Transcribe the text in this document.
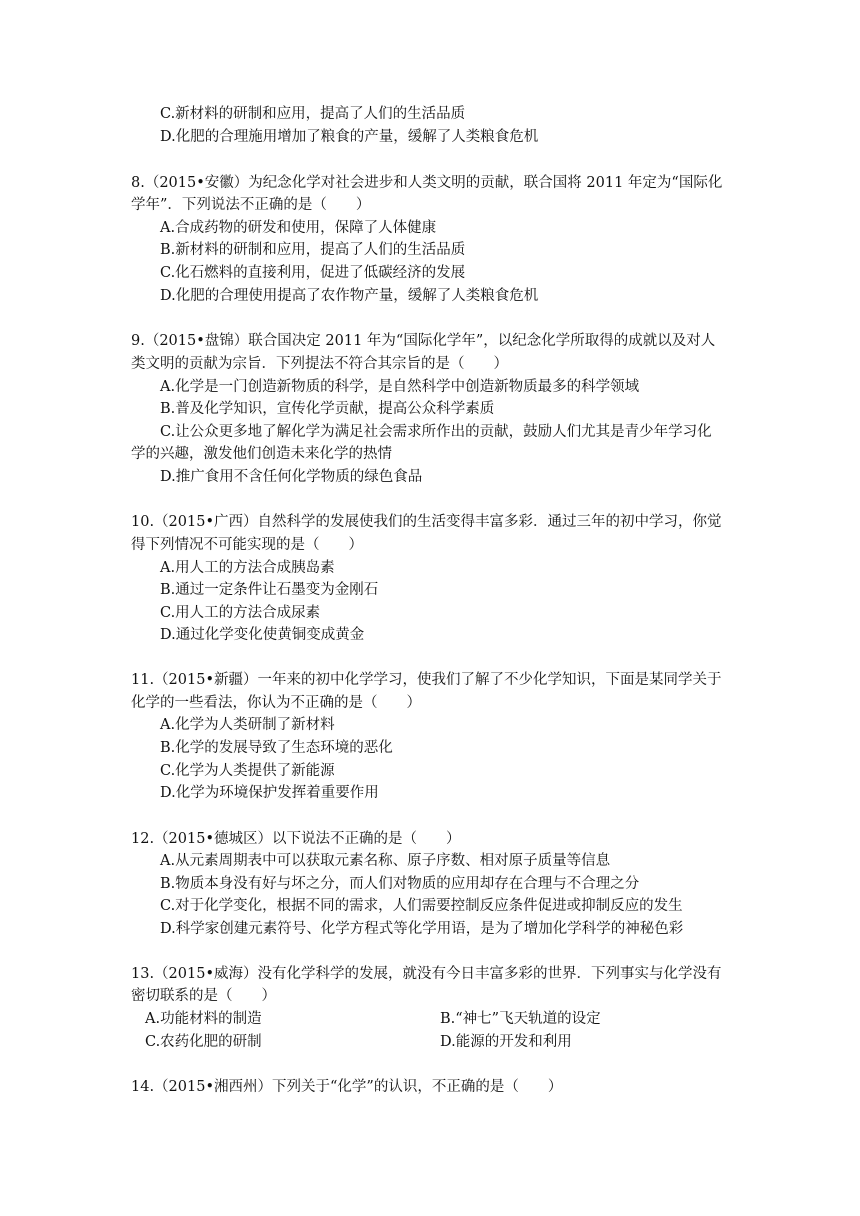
C.新材料的研制和应用，提高了人们的生活品质
D.化肥的合理施用增加了粮食的产量，缓解了人类粮食危机
8.（2015•安徽）为纪念化学对社会进步和人类文明的贡献，联合国将 2011 年定为“国际化
学年”．下列说法不正确的是（　　）
A.合成药物的研发和使用，保障了人体健康
B.新材料的研制和应用，提高了人们的生活品质
C.化石燃料的直接利用，促进了低碳经济的发展
D.化肥的合理使用提高了农作物产量，缓解了人类粮食危机
9.（2015•盘锦）联合国决定 2011 年为“国际化学年”，以纪念化学所取得的成就以及对人
类文明的贡献为宗旨．下列提法不符合其宗旨的是（　　）
A.化学是一门创造新物质的科学，是自然科学中创造新物质最多的科学领域
B.普及化学知识，宣传化学贡献，提高公众科学素质
C.让公众更多地了解化学为满足社会需求所作出的贡献，鼓励人们尤其是青少年学习化
学的兴趣，激发他们创造未来化学的热情
D.推广食用不含任何化学物质的绿色食品
10.（2015•广西）自然科学的发展使我们的生活变得丰富多彩．通过三年的初中学习，你觉
得下列情况不可能实现的是（　　）
A.用人工的方法合成胰岛素
B.通过一定条件让石墨变为金刚石
C.用人工的方法合成尿素
D.通过化学变化使黄铜变成黄金
11.（2015•新疆）一年来的初中化学学习，使我们了解了不少化学知识，下面是某同学关于
化学的一些看法，你认为不正确的是（　　）
A.化学为人类研制了新材料
B.化学的发展导致了生态环境的恶化
C.化学为人类提供了新能源
D.化学为环境保护发挥着重要作用
12.（2015•德城区）以下说法不正确的是（　　）
A.从元素周期表中可以获取元素名称、原子序数、相对原子质量等信息
B.物质本身没有好与坏之分，而人们对物质的应用却存在合理与不合理之分
C.对于化学变化，根据不同的需求，人们需要控制反应条件促进或抑制反应的发生
D.科学家创建元素符号、化学方程式等化学用语，是为了增加化学科学的神秘色彩
13.（2015•威海）没有化学科学的发展，就没有今日丰富多彩的世界．下列事实与化学没有
密切联系的是（　　）
A.功能材料的制造	B.“神七”飞天轨道的设定
C.农药化肥的研制	D.能源的开发和利用
14.（2015•湘西州）下列关于“化学”的认识，不正确的是（　　）
